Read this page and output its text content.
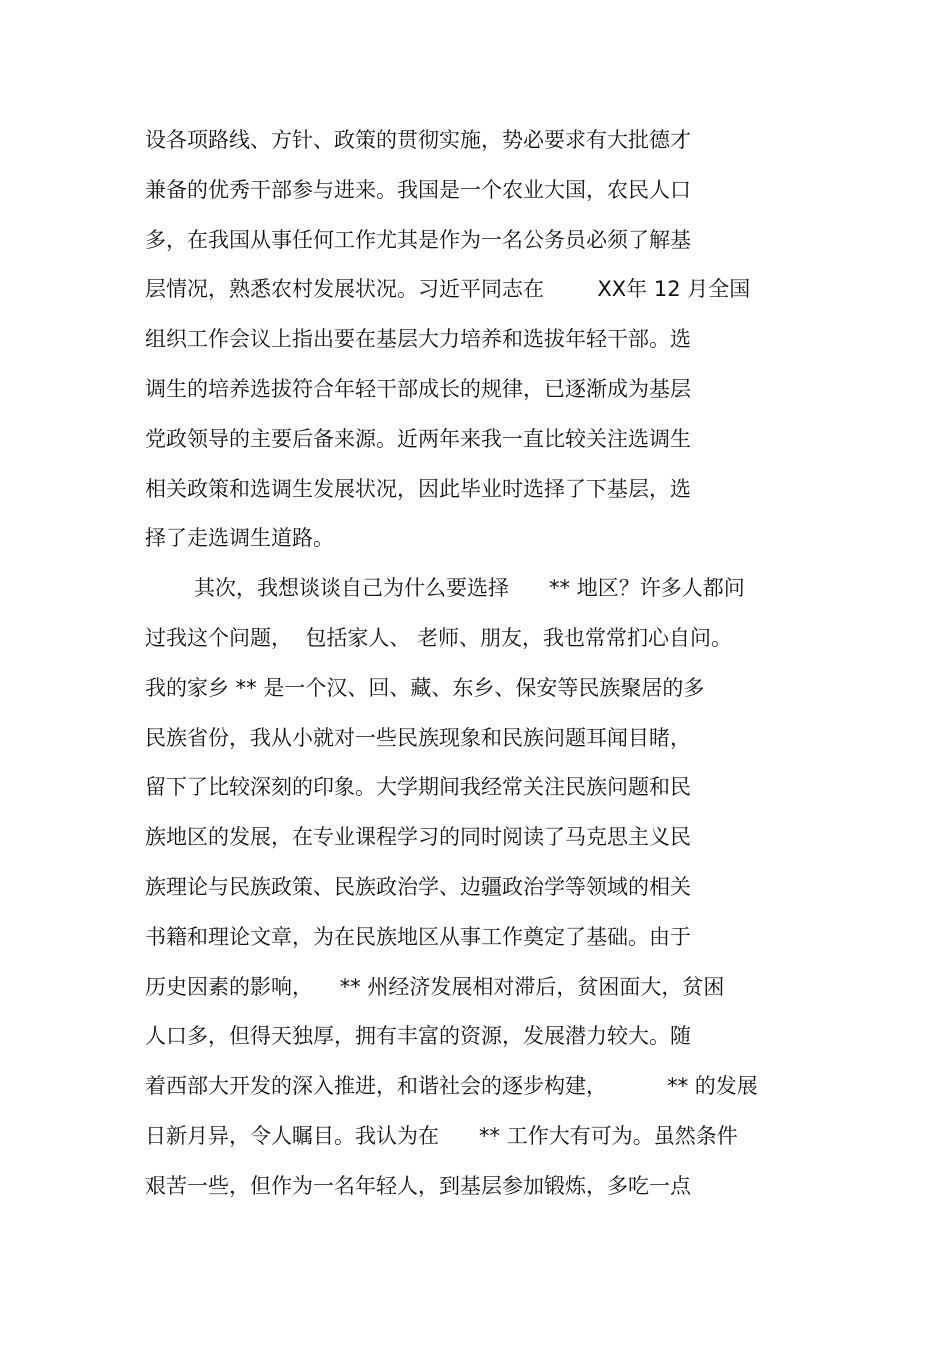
设各项路线、方针、政策的贯彻实施，势必要求有大批德才
兼备的优秀干部参与进来。我国是一个农业大国，农民人口
多，在我国从事任何工作尤其是作为一名公务员必须了解基
层情况，熟悉农村发展状况。习近平同志在        XX年 12 月全国
组织工作会议上指出要在基层大力培养和选拔年轻干部。选
调生的培养选拔符合年轻干部成长的规律，已逐渐成为基层
党政领导的主要后备来源。近两年来我一直比较关注选调生
相关政策和选调生发展状况，因此毕业时选择了下基层，选
择了走选调生道路。
其次，我想谈谈自己为什么要选择      ** 地区？许多人都问
过我这个问题，  包括家人、 老师、朋友，我也常常扪心自问。
我的家乡 ** 是一个汉、回、藏、东乡、保安等民族聚居的多
民族省份，我从小就对一些民族现象和民族问题耳闻目睹，
留下了比较深刻的印象。大学期间我经常关注民族问题和民
族地区的发展，在专业课程学习的同时阅读了马克思主义民
族理论与民族政策、民族政治学、边疆政治学等领域的相关
书籍和理论文章，为在民族地区从事工作奠定了基础。由于
历史因素的影响，    ** 州经济发展相对滞后，贫困面大，贫困
人口多，但得天独厚，拥有丰富的资源，发展潜力较大。随
着西部大开发的深入推进，和谐社会的逐步构建，         ** 的发展
日新月异，令人瞩目。我认为在      ** 工作大有可为。虽然条件
艰苦一些，但作为一名年轻人，到基层参加锻炼，多吃一点
